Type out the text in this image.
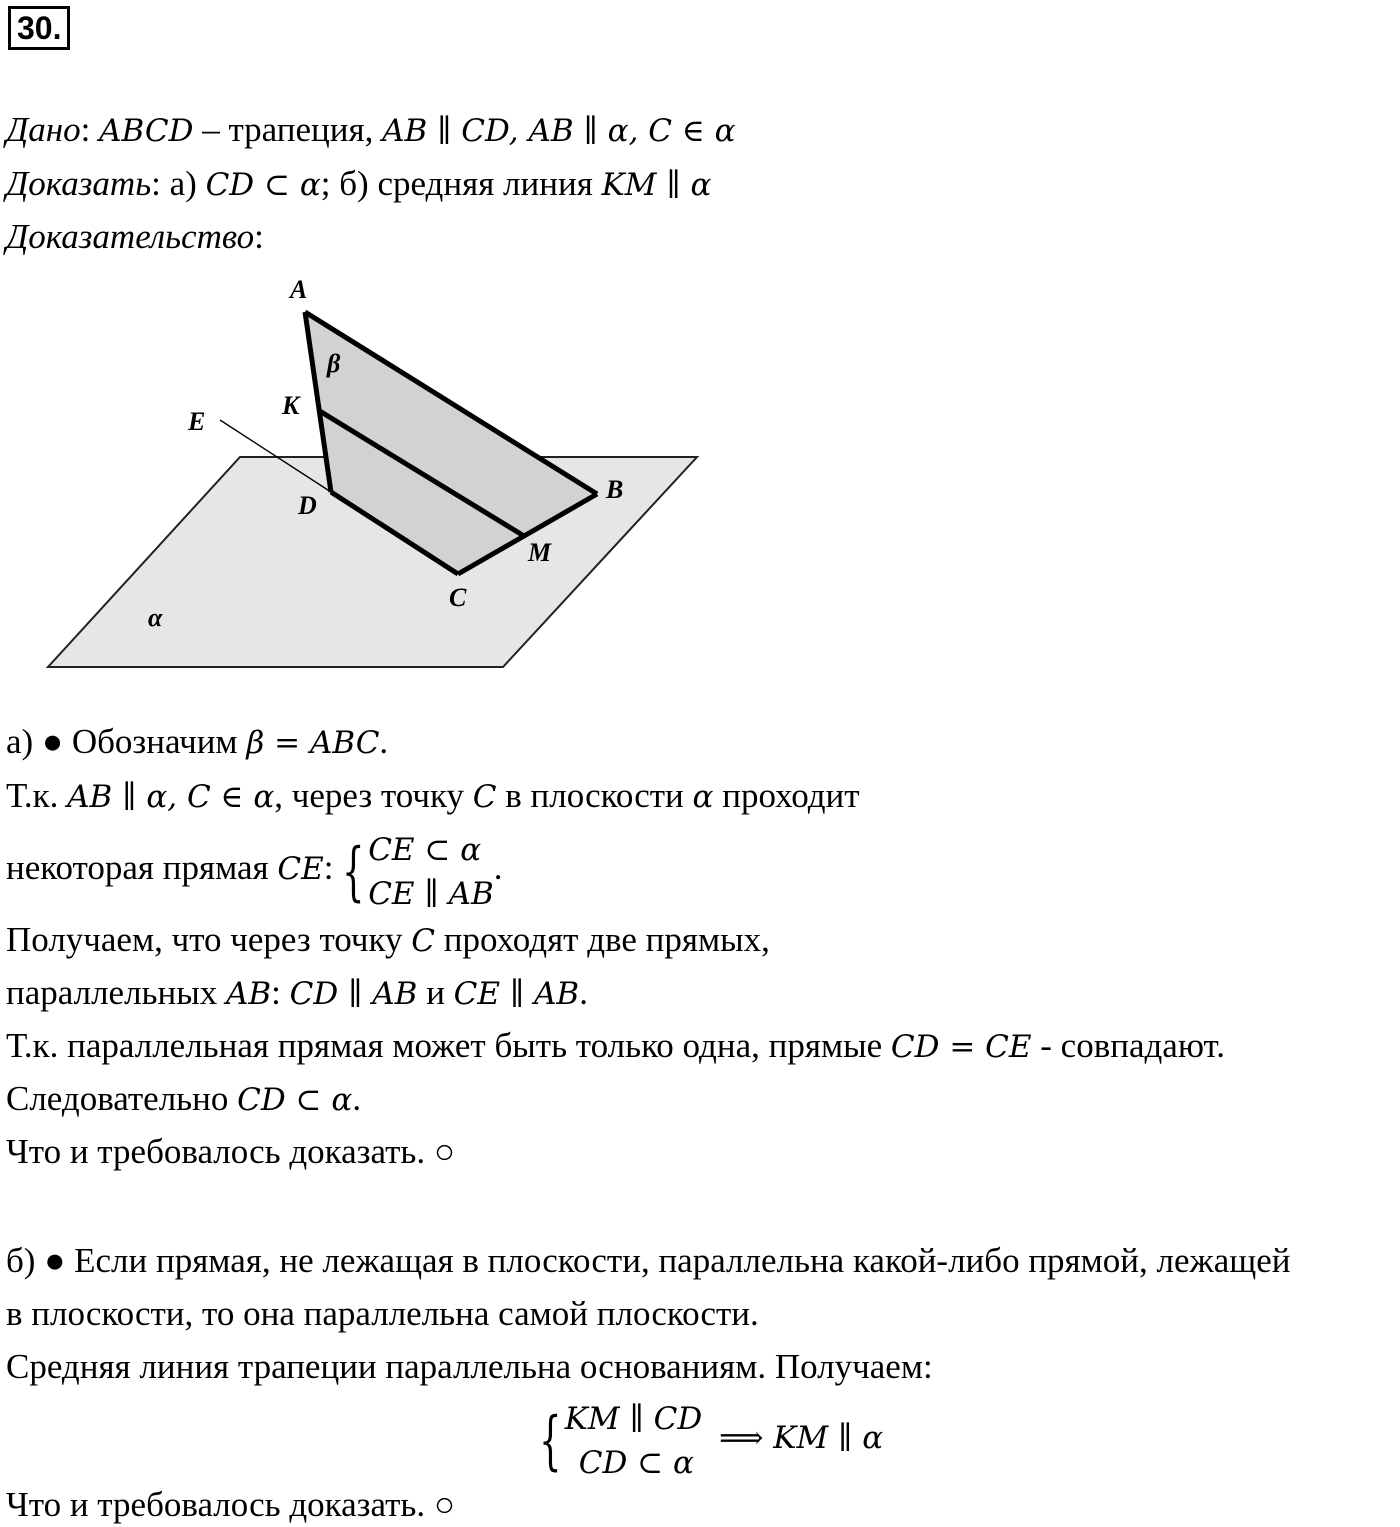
30.
Дано: ABCD – трапеция, AB ∥ CD, AB ∥ α, C ∈ α
Доказать: а) CD ⊂ α; б) средняя линия KM ∥ α
Доказательство:
A
β
K
E
D
B
M
C
α
а) ● Обозначим β = ABC.
Т.к. AB ∥ α, C ∈ α, через точку C в плоскости α проходит
некоторая прямая CE: { CE ⊂ α
CE ∥ AB
.
Получаем, что через точку C проходят две прямых,
параллельных AB: CD ∥ AB и CE ∥ AB.
Т.к. параллельная прямая может быть только одна, прямые CD = CE - совпадают.
Следовательно CD ⊂ α.
Что и требовалось доказать. ○
б) ● Если прямая, не лежащая в плоскости, параллельна какой-либо прямой, лежащей
в плоскости, то она параллельна самой плоскости.
Средняя линия трапеции параллельна основаниям. Получаем:
{ KM ∥ CD
CD ⊂ α
⟹ KM ∥ α
Что и требовалось доказать. ○
